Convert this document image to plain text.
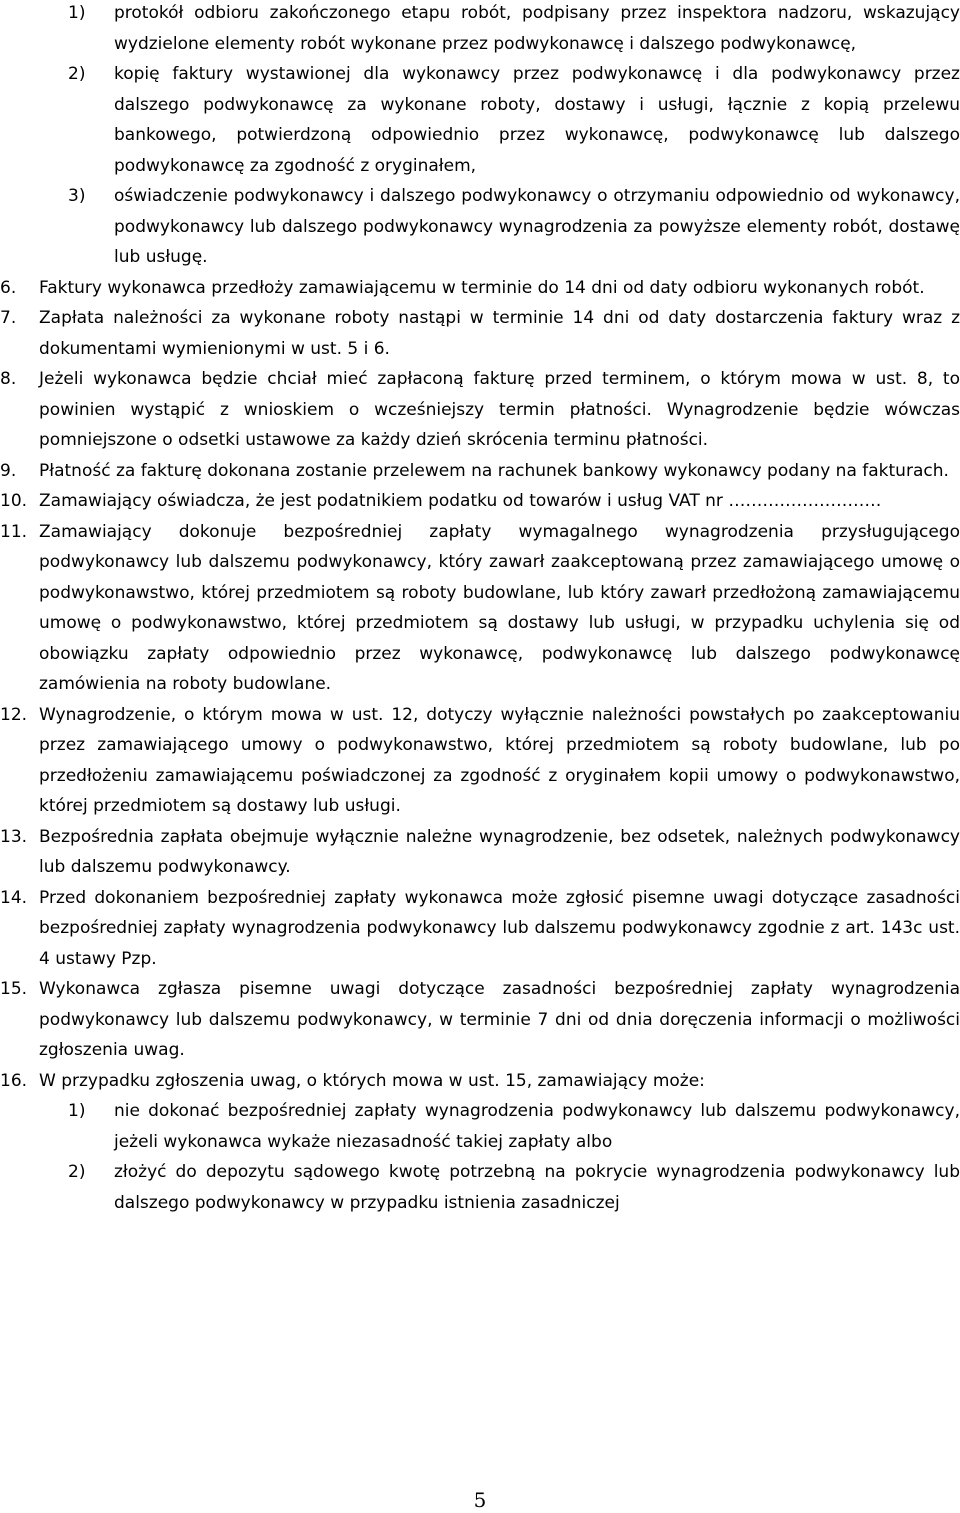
1) protokół odbioru zakończonego etapu robót, podpisany przez inspektora nadzoru, wskazujący wydzielone elementy robót wykonane przez podwykonawcę i dalszego podwykonawcę,
2) kopię faktury wystawionej dla wykonawcy przez podwykonawcę i dla podwykonawcy przez dalszego podwykonawcę za wykonane roboty, dostawy i usługi, łącznie z kopią przelewu bankowego, potwierdzoną odpowiednio przez wykonawcę, podwykonawcę lub dalszego podwykonawcę za zgodność z oryginałem,
3) oświadczenie podwykonawcy i dalszego podwykonawcy o otrzymaniu odpowiednio od wykonawcy, podwykonawcy lub dalszego podwykonawcy wynagrodzenia za powyższe elementy robót, dostawę lub usługę.
6. Faktury wykonawca przedłoży zamawiającemu w terminie do 14 dni od daty odbioru wykonanych robót.
7. Zapłata należności za wykonane roboty nastąpi w terminie 14 dni od daty dostarczenia faktury wraz z dokumentami wymienionymi w ust. 5 i 6.
8. Jeżeli wykonawca będzie chciał mieć zapłaconą fakturę przed terminem, o którym mowa w ust. 8, to powinien wystąpić z wnioskiem o wcześniejszy termin płatności. Wynagrodzenie będzie wówczas pomniejszone o odsetki ustawowe za każdy dzień skrócenia terminu płatności.
9. Płatność za fakturę dokonana zostanie przelewem na rachunek bankowy wykonawcy podany na fakturach.
10. Zamawiający oświadcza, że jest podatnikiem podatku od towarów i usług VAT nr ………………………
11. Zamawiający dokonuje bezpośredniej zapłaty wymagalnego wynagrodzenia przysługującego podwykonawcy lub dalszemu podwykonawcy, który zawarł zaakceptowaną przez zamawiającego umowę o podwykonawstwo, której przedmiotem są roboty budowlane, lub który zawarł przedłożoną zamawiającemu umowę o podwykonawstwo, której przedmiotem są dostawy lub usługi, w przypadku uchylenia się od obowiązku zapłaty odpowiednio przez wykonawcę, podwykonawcę lub dalszego podwykonawcę zamówienia na roboty budowlane.
12. Wynagrodzenie, o którym mowa w ust. 12, dotyczy wyłącznie należności powstałych po zaakceptowaniu przez zamawiającego umowy o podwykonawstwo, której przedmiotem są roboty budowlane, lub po przedłożeniu zamawiającemu poświadczonej za zgodność z oryginałem kopii umowy o podwykonawstwo, której przedmiotem są dostawy lub usługi.
13. Bezpośrednia zapłata obejmuje wyłącznie należne wynagrodzenie, bez odsetek, należnych podwykonawcy lub dalszemu podwykonawcy.
14. Przed dokonaniem bezpośredniej zapłaty wykonawca może zgłosić pisemne uwagi dotyczące zasadności bezpośredniej zapłaty wynagrodzenia podwykonawcy lub dalszemu podwykonawcy zgodnie z art. 143c ust. 4 ustawy Pzp.
15. Wykonawca zgłasza pisemne uwagi dotyczące zasadności bezpośredniej zapłaty wynagrodzenia podwykonawcy lub dalszemu podwykonawcy, w terminie 7 dni od dnia doręczenia informacji o możliwości zgłoszenia uwag.
16. W przypadku zgłoszenia uwag, o których mowa w ust. 15, zamawiający może:
1) nie dokonać bezpośredniej zapłaty wynagrodzenia podwykonawcy lub dalszemu podwykonawcy, jeżeli wykonawca wykaże niezasadność takiej zapłaty albo
2) złożyć do depozytu sądowego kwotę potrzebną na pokrycie wynagrodzenia podwykonawcy lub dalszego podwykonawcy w przypadku istnienia zasadniczej
5
